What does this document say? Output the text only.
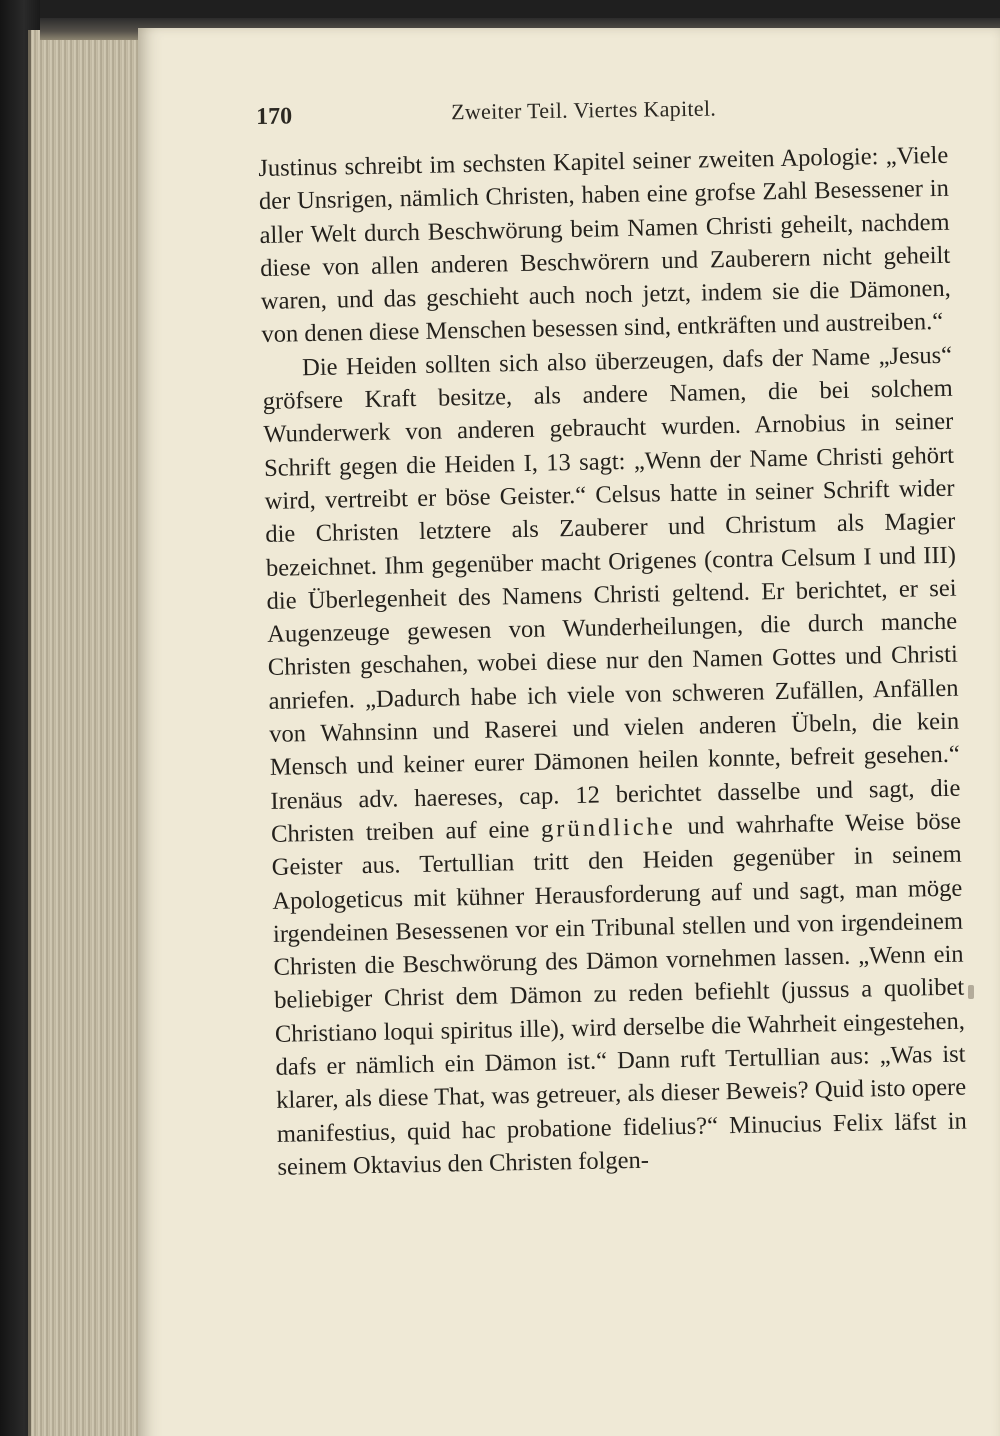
170	Zweiter Teil. Viertes Kapitel.

Justinus schreibt im sechsten Kapitel seiner zweiten Apologie: „Viele der Unsrigen, nämlich Christen, haben eine grofse Zahl Besessener in aller Welt durch Beschwörung beim Namen Christi geheilt, nachdem diese von allen anderen Beschwörern und Zauberern nicht geheilt waren, und das geschieht auch noch jetzt, indem sie die Dämonen, von denen diese Menschen besessen sind, entkräften und austreiben.“

Die Heiden sollten sich also überzeugen, dafs der Name „Jesus“ gröfsere Kraft besitze, als andere Namen, die bei solchem Wunderwerk von anderen gebraucht wurden. Arnobius in seiner Schrift gegen die Heiden I, 13 sagt: „Wenn der Name Christi gehört wird, vertreibt er böse Geister.“ Celsus hatte in seiner Schrift wider die Christen letztere als Zauberer und Christum als Magier bezeichnet. Ihm gegenüber macht Origenes (contra Celsum I und III) die Überlegenheit des Namens Christi geltend. Er berichtet, er sei Augenzeuge gewesen von Wunderheilungen, die durch manche Christen geschahen, wobei diese nur den Namen Gottes und Christi anriefen. „Dadurch habe ich viele von schweren Zufällen, Anfällen von Wahnsinn und Raserei und vielen anderen Übeln, die kein Mensch und keiner eurer Dämonen heilen konnte, befreit gesehen.“ Irenäus adv. haereses, cap. 12 berichtet dasselbe und sagt, die Christen treiben auf eine gründliche und wahrhafte Weise böse Geister aus. Tertullian tritt den Heiden gegenüber in seinem Apologeticus mit kühner Herausforderung auf und sagt, man möge irgendeinen Besessenen vor ein Tribunal stellen und von irgendeinem Christen die Beschwörung des Dämon vornehmen lassen. „Wenn ein beliebiger Christ dem Dämon zu reden befiehlt (jussus a quolibet Christiano loqui spiritus ille), wird derselbe die Wahrheit eingestehen, dafs er nämlich ein Dämon ist.“ Dann ruft Tertullian aus: „Was ist klarer, als diese That, was getreuer, als dieser Beweis? Quid isto opere manifestius, quid hac probatione fidelius?“ Minucius Felix läfst in seinem Oktavius den Christen folgen-
